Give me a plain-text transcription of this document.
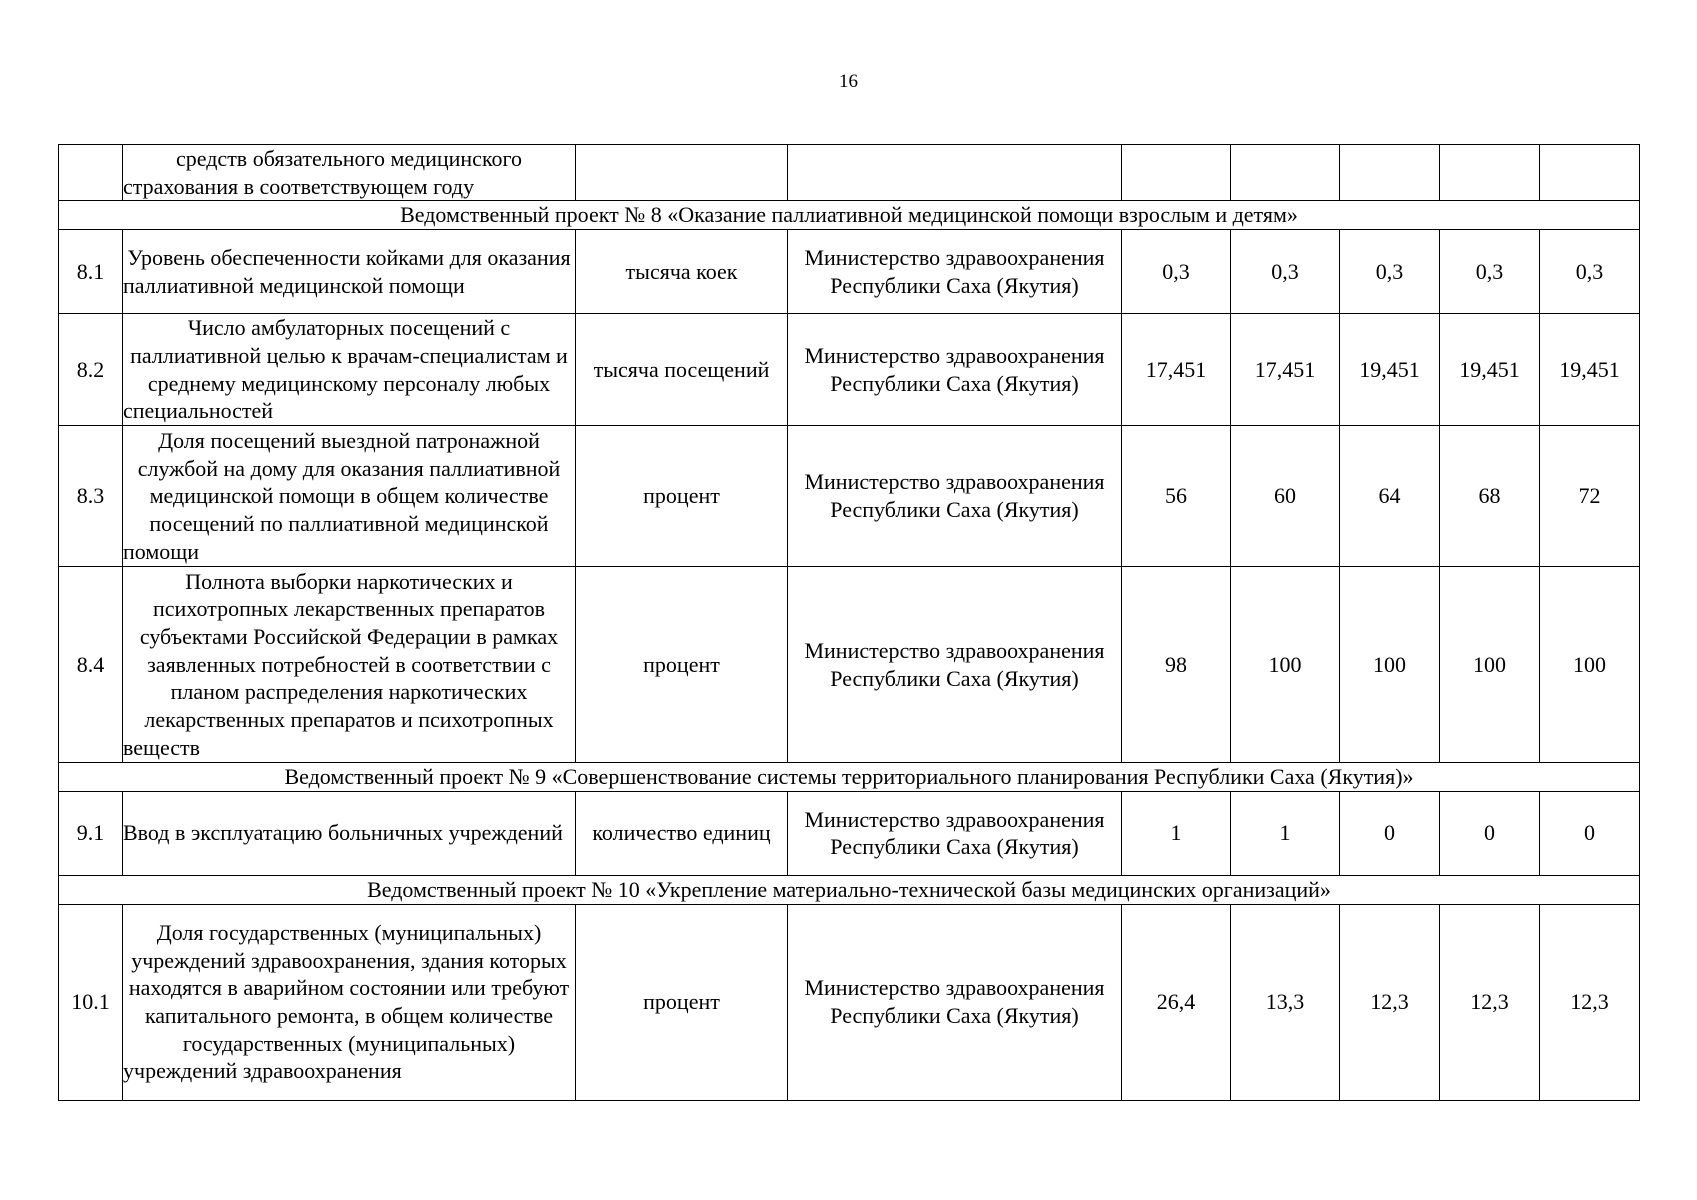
16
	средств обязательного медицинского страхования в соответствующем году							
Ведомственный проект № 8 «Оказание паллиативной медицинской помощи взрослым и детям»								
8.1	Уровень обеспеченности койками для оказания паллиативной медицинской помощи	тысяча коек	Министерство здравоохранения Республики Саха (Якутия)	0,3	0,3	0,3	0,3	0,3
8.2	Число амбулаторных посещений с паллиативной целью к врачам-специалистам и среднему медицинскому персоналу любых специальностей	тысяча посещений	Министерство здравоохранения Республики Саха (Якутия)	17,451	17,451	19,451	19,451	19,451
8.3	Доля посещений выездной патронажной службой на дому для оказания паллиативной медицинской помощи в общем количестве посещений по паллиативной медицинской помощи	процент	Министерство здравоохранения Республики Саха (Якутия)	56	60	64	68	72
8.4	Полнота выборки наркотических и психотропных лекарственных препаратов субъектами Российской Федерации в рамках заявленных потребностей в соответствии с планом распределения наркотических лекарственных препаратов и психотропных веществ	процент	Министерство здравоохранения Республики Саха (Якутия)	98	100	100	100	100
Ведомственный проект № 9 «Совершенствование системы территориального планирования Республики Саха (Якутия)»								
9.1	Ввод в эксплуатацию больничных учреждений	количество единиц	Министерство здравоохранения Республики Саха (Якутия)	1	1	0	0	0
Ведомственный проект № 10 «Укрепление материально-технической базы медицинских организаций»								
10.1	Доля государственных (муниципальных) учреждений здравоохранения, здания которых находятся в аварийном состоянии или требуют капитального ремонта, в общем количестве государственных (муниципальных) учреждений здравоохранения	процент	Министерство здравоохранения Республики Саха (Якутия)	26,4	13,3	12,3	12,3	12,3
